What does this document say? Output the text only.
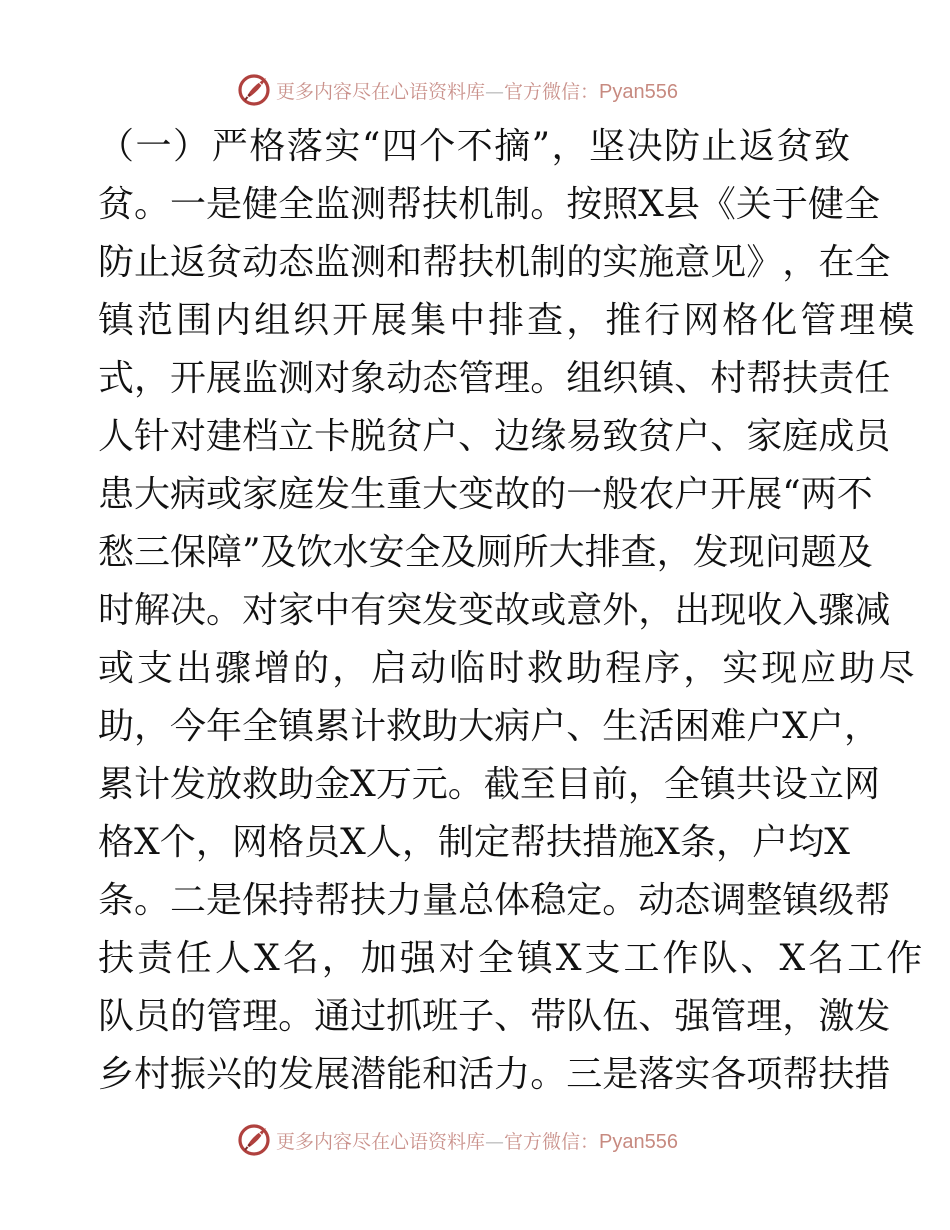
更多内容尽在心语资料库—官方微信：Pyan556
（ 一 ） 严 格 落 实 “ 四 个 不 摘 ” ， 坚 决 防 止 返 贫 致
贫 。 一 是 健 全 监 测 帮 扶 机 制 。 按 照 X 县 《 关 于 健 全
防 止 返 贫 动 态 监 测 和 帮 扶 机 制 的 实 施 意 见 》 ， 在 全
镇 范 围 内 组 织 开 展 集 中 排 查 ， 推 行 网 格 化 管 理 模
式 ， 开 展 监 测 对 象 动 态 管 理 。 组 织 镇 、 村 帮 扶 责 任
人 针 对 建 档 立 卡 脱 贫 户 、 边 缘 易 致 贫 户 、 家 庭 成 员
患 大 病 或 家 庭 发 生 重 大 变 故 的 一 般 农 户 开 展 “ 两 不
愁 三 保 障 ” 及 饮 水 安 全 及 厕 所 大 排 查 ， 发 现 问 题 及
时 解 决 。 对 家 中 有 突 发 变 故 或 意 外 ， 出 现 收 入 骤 减
或 支 出 骤 增 的 ， 启 动 临 时 救 助 程 序 ， 实 现 应 助 尽
助 ， 今 年 全 镇 累 计 救 助 大 病 户 、 生 活 困 难 户 X 户 ，
累 计 发 放 救 助 金 X 万 元 。 截 至 目 前 ， 全 镇 共 设 立 网
格 X 个 ， 网 格 员 X 人 ， 制 定 帮 扶 措 施 X 条 ， 户 均 X
条 。 二 是 保 持 帮 扶 力 量 总 体 稳 定 。 动 态 调 整 镇 级 帮
扶 责 任 人 X 名 ， 加 强 对 全 镇 X 支 工 作 队 、 X 名 工 作
队 员 的 管 理 。 通 过 抓 班 子 、 带 队 伍 、 强 管 理 ， 激 发
乡 村 振 兴 的 发 展 潜 能 和 活 力 。 三 是 落 实 各 项 帮 扶 措
更多内容尽在心语资料库—官方微信：Pyan556
